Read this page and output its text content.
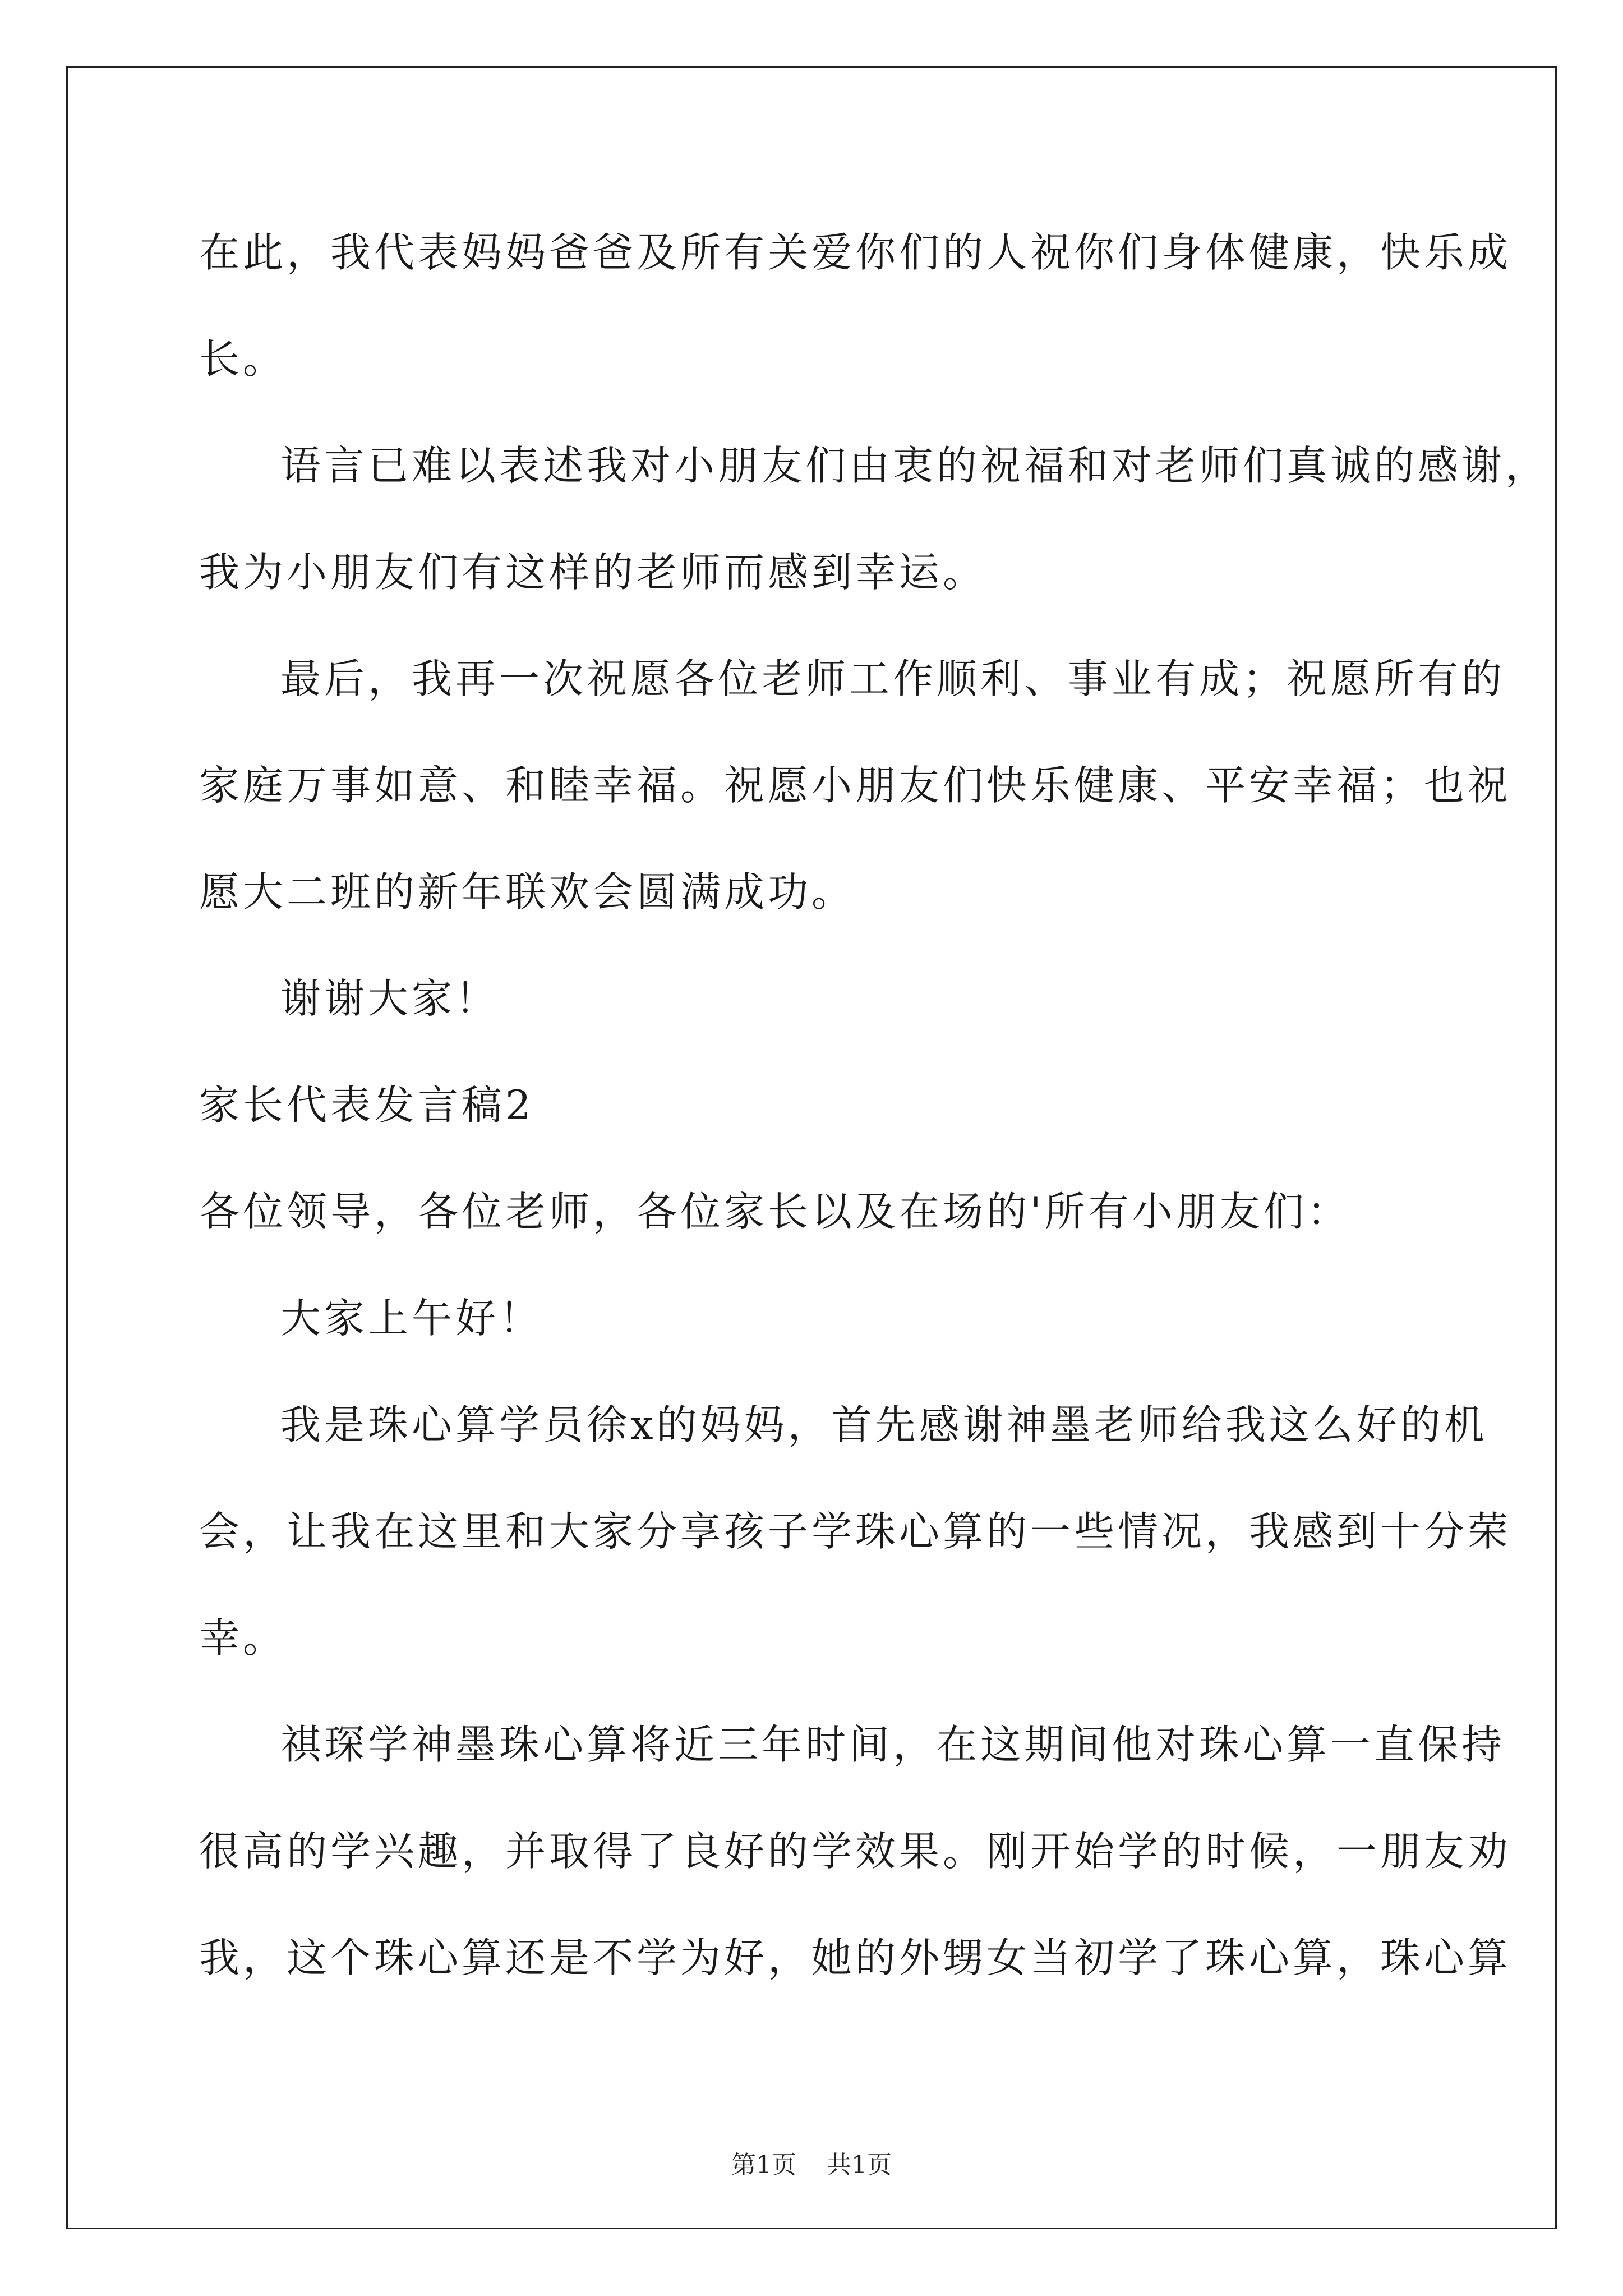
在此，我代表妈妈爸爸及所有关爱你们的人祝你们身体健康，快乐成
长。
语言已难以表述我对小朋友们由衷的祝福和对老师们真诚的感谢，
我为小朋友们有这样的老师而感到幸运。
最后，我再一次祝愿各位老师工作顺利、事业有成；祝愿所有的
家庭万事如意、和睦幸福。祝愿小朋友们快乐健康、平安幸福；也祝
愿大二班的新年联欢会圆满成功。
谢谢大家！
家长代表发言稿2
各位领导，各位老师，各位家长以及在场的'所有小朋友们：
大家上午好！
我是珠心算学员徐x的妈妈，首先感谢神墨老师给我这么好的机
会，让我在这里和大家分享孩子学珠心算的一些情况，我感到十分荣
幸。
祺琛学神墨珠心算将近三年时间，在这期间他对珠心算一直保持
很高的学兴趣，并取得了良好的学效果。刚开始学的时候，一朋友劝
我，这个珠心算还是不学为好，她的外甥女当初学了珠心算，珠心算
第1页 共1页
